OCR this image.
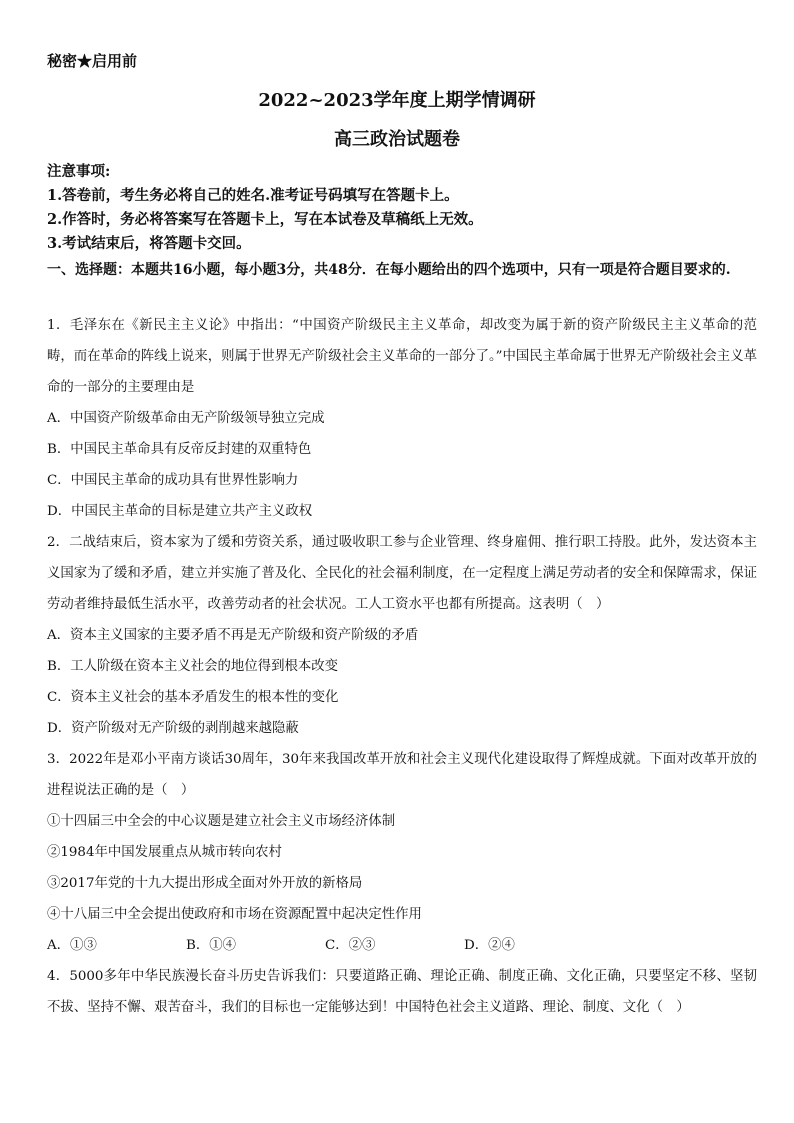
秘密★启用前
2022~2023学年度上期学情调研
高三政治试题卷
注意事项:
1.答卷前，考生务必将自己的姓名.准考证号码填写在答题卡上。
2.作答时，务必将答案写在答题卡上，写在本试卷及草稿纸上无效。
3.考试结束后，将答题卡交回。
一、选择题：本题共16小题，每小题3分，共48分．在每小题给出的四个选项中，只有一项是符合题目要求的.

1．毛泽东在《新民主主义论》中指出：“中国资产阶级民主主义革命，却改变为属于新的资产阶级民主主义革命的范畴，而在革命的阵线上说来，则属于世界无产阶级社会主义革命的一部分了。”中国民主革命属于世界无产阶级社会主义革命的一部分的主要理由是

A．中国资产阶级革命由无产阶级领导独立完成

B．中国民主革命具有反帝反封建的双重特色

C．中国民主革命的成功具有世界性影响力

D．中国民主革命的目标是建立共产主义政权

2．二战结束后，资本家为了缓和劳资关系，通过吸收职工参与企业管理、终身雇佣、推行职工持股。此外，发达资本主义国家为了缓和矛盾，建立并实施了普及化、全民化的社会福利制度，在一定程度上满足劳动者的安全和保障需求，保证劳动者维持最低生活水平，改善劳动者的社会状况。工人工资水平也都有所提高。这表明（　）

A．资本主义国家的主要矛盾不再是无产阶级和资产阶级的矛盾

B．工人阶级在资本主义社会的地位得到根本改变

C．资本主义社会的基本矛盾发生的根本性的变化

D．资产阶级对无产阶级的剥削越来越隐蔽

3．2022年是邓小平南方谈话30周年，30年来我国改革开放和社会主义现代化建设取得了辉煌成就。下面对改革开放的进程说法正确的是（　）

①十四届三中全会的中心议题是建立社会主义市场经济体制

②1984年中国发展重点从城市转向农村

③2017年党的十九大提出形成全面对外开放的新格局

④十八届三中全会提出使政府和市场在资源配置中起决定性作用

A．①③	B．①④	C．②③	D．②④

4．5000多年中华民族漫长奋斗历史告诉我们：只要道路正确、理论正确、制度正确、文化正确，只要坚定不移、坚韧不拔、坚持不懈、艰苦奋斗，我们的目标也一定能够达到！中国特色社会主义道路、理论、制度、文化（　）
